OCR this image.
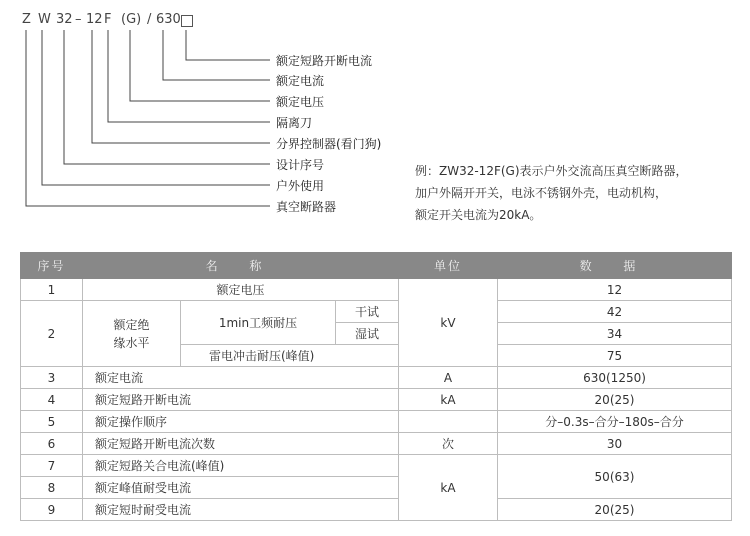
Z W 32 – 12 F (G) / 630
额定短路开断电流
额定电流
额定电压
隔离刀
分界控制器(看门狗)
设计序号
户外使用
真空断路器
例：ZW32-12F(G)表示户外交流高压真空断路器，
加户外隔开开关，电泳不锈钢外壳，电动机构，
额定开关电流为20kA。
序号	名 称			单位	数 据
1	额定电压			kV	12
2	额定绝
缘水平	1min工频耐压	干试		42
			湿试		34
		雷电冲击耐压(峰值)			75
3	额定电流			A	630(1250)
4	额定短路开断电流			kA	20(25)
5	额定操作顺序				分–0.3s–合分–180s–合分
6	额定短路开断电流次数			次	30
7	额定短路关合电流(峰值)			kA	50(63)
8	额定峰值耐受电流				
9	额定短时耐受电流				20(25)
